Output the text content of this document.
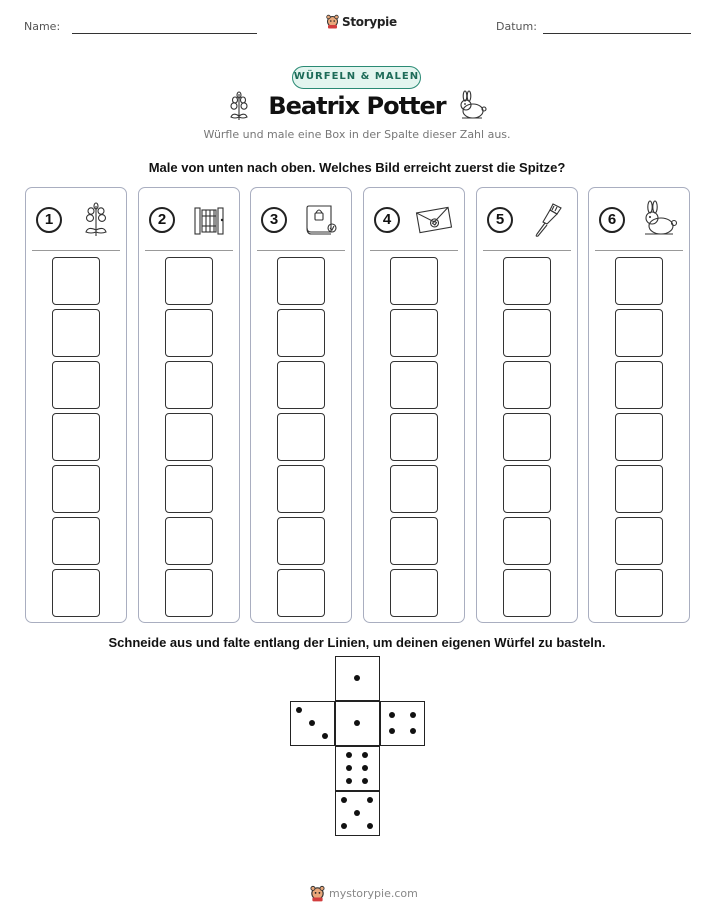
Name:	Storypie	Datum:
WÜRFELN & MALEN
Beatrix Potter
Würfle und male eine Box in der Spalte dieser Zahl aus.
Male von unten nach oben. Welches Bild erreicht zuerst die Spitze?
1	2	3	4	5	6
Schneide aus und falte entlang der Linien, um deinen eigenen Würfel zu basteln.
mystorypie.com
